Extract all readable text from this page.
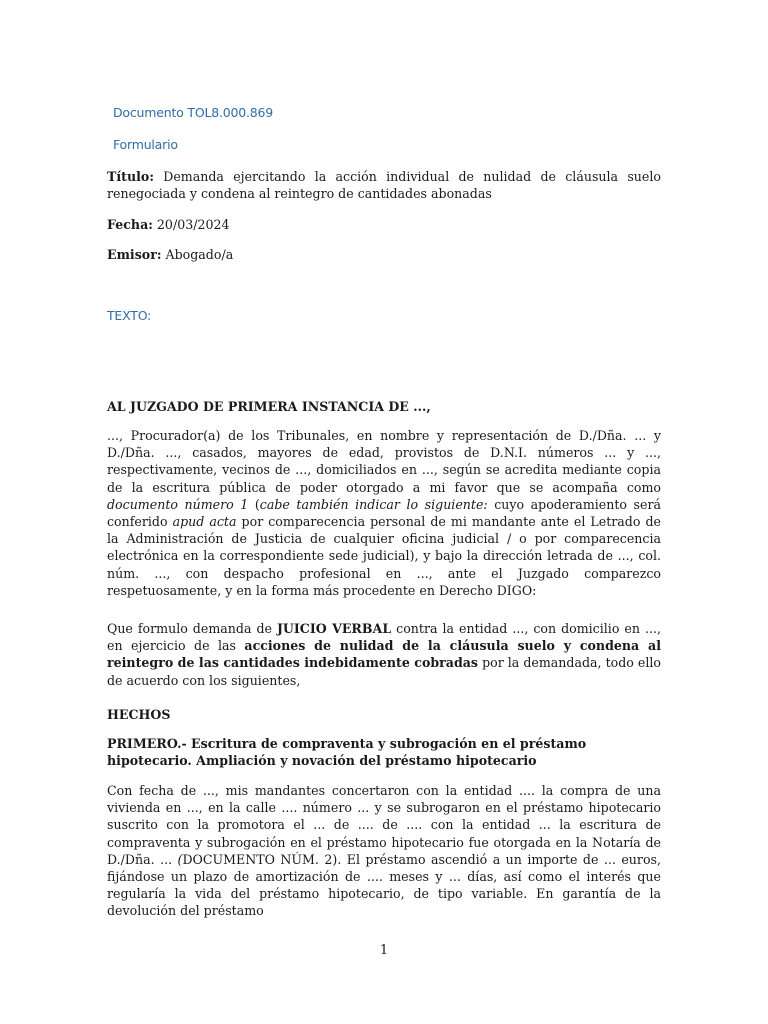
Documento TOL8.000.869
Formulario
Título: Demanda ejercitando la acción individual de nulidad de cláusula suelo renegociada y condena al reintegro de cantidades abonadas
Fecha: 20/03/2024
Emisor: Abogado/a
TEXTO:
AL JUZGADO DE PRIMERA INSTANCIA DE ...,
..., Procurador(a) de los Tribunales, en nombre y representación de D./Dña. ... y D./Dña. ..., casados, mayores de edad, provistos de D.N.I. números ... y ..., respectivamente, vecinos de ..., domiciliados en ..., según se acredita mediante copia de la escritura pública de poder otorgado a mi favor que se acompaña como documento número 1 (cabe también indicar lo siguiente: cuyo apoderamiento será conferido apud acta por comparecencia personal de mi mandante ante el Letrado de la Administración de Justicia de cualquier oficina judicial / o por comparecencia electrónica en la correspondiente sede judicial), y bajo la dirección letrada de ..., col. núm. ..., con despacho profesional en ..., ante el Juzgado comparezco respetuosamente, y en la forma más procedente en Derecho DIGO:
Que formulo demanda de JUICIO VERBAL contra la entidad ..., con domicilio en ..., en ejercicio de las acciones de nulidad de la cláusula suelo y condena al reintegro de las cantidades indebidamente cobradas por la demandada, todo ello de acuerdo con los siguientes,
HECHOS
PRIMERO.- Escritura de compraventa y subrogación en el préstamo hipotecario. Ampliación y novación del préstamo hipotecario
Con fecha de ..., mis mandantes concertaron con la entidad .... la compra de una vivienda en ..., en la calle .... número ... y se subrogaron en el préstamo hipotecario suscrito con la promotora el ... de .... de .... con la entidad ... la escritura de compraventa y subrogación en el préstamo hipotecario fue otorgada en la Notaría de D./Dña. ... (DOCUMENTO NÚM. 2). El préstamo ascendió a un importe de ... euros, fijándose un plazo de amortización de .... meses y ... días, así como el interés que regularía la vida del préstamo hipotecario, de tipo variable. En garantía de la devolución del préstamo
1
